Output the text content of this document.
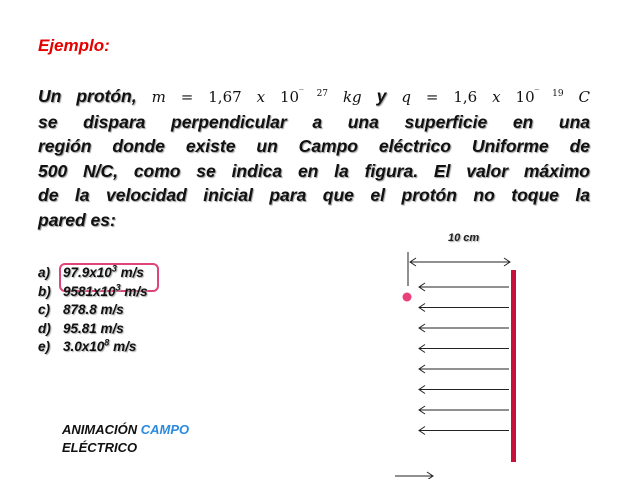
Ejemplo:
Un protón, m = 1,67 x $10^{‾ 27}$ kg y q = 1,6 x $10^{‾ 19}$ C
se dispara perpendicular a una superficie en una
región donde existe un Campo eléctrico Uniforme de
500 N/C, como se indica en la figura. El valor máximo
de la velocidad inicial para que el protón no toque la
pared es:
a) $97.9x10^3$ m/s
b) $9581x10^3$ m/s
c) 878.8 m/s
d) 95.81 m/s
e) $3.0x10^8$ m/s
ANIMACIÓN CAMPO
ELÉCTRICO
10 cm
